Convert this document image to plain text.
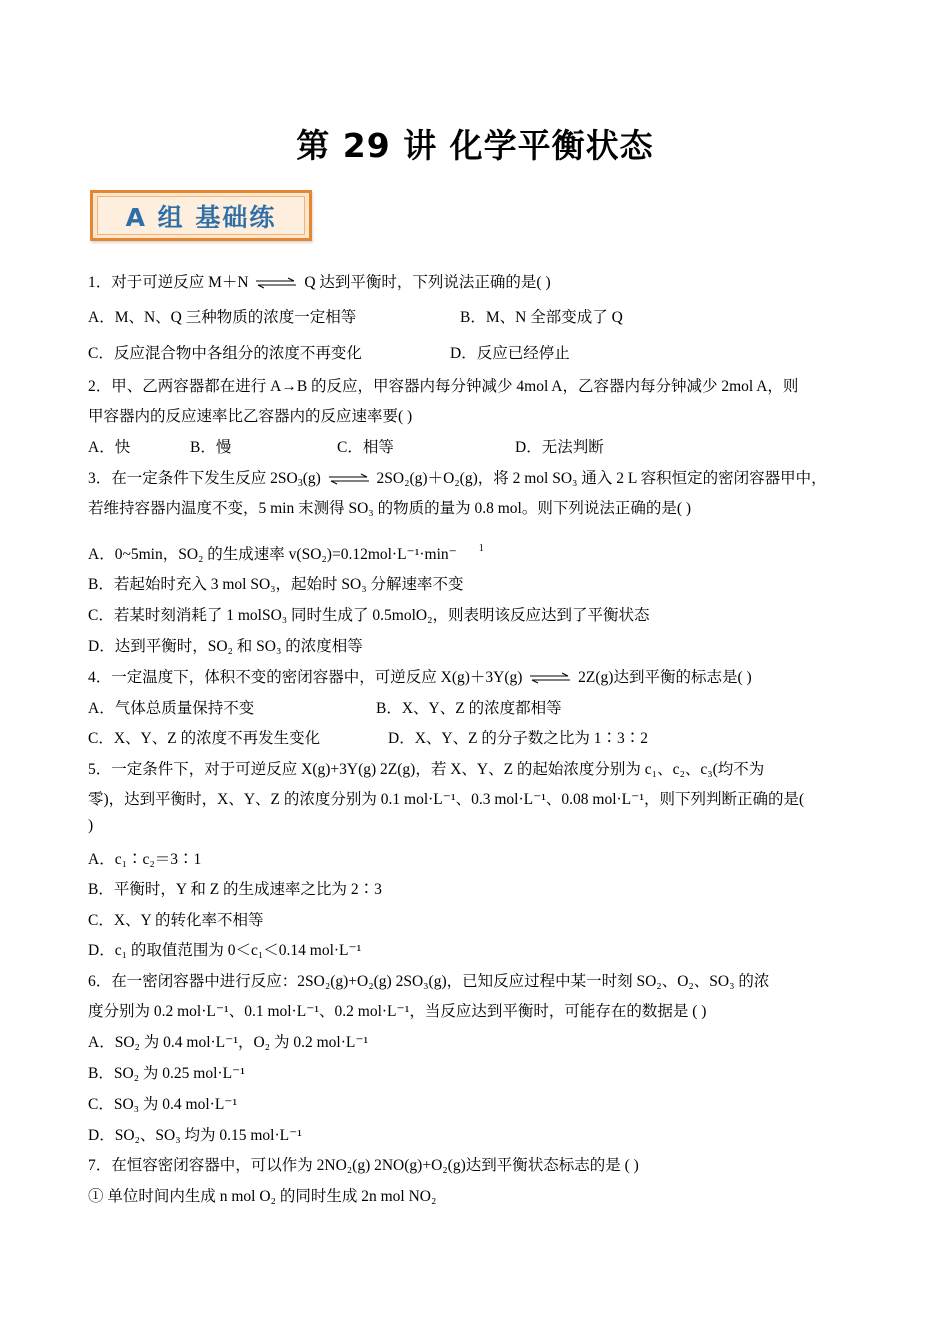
第 29 讲 化学平衡状态
A 组 基础练
1．对于可逆反应 M＋N ⇌ Q 达到平衡时，下列说法正确的是( )
A．M、N、Q 三种物质的浓度一定相等	B．M、N 全部变成了 Q
C．反应混合物中各组分的浓度不再变化	D．反应已经停止
2．甲、乙两容器都在进行 A→B 的反应，甲容器内每分钟减少 4mol A，乙容器内每分钟减少 2mol A，则
甲容器内的反应速率比乙容器内的反应速率要( )
A．快	B．慢	C．相等	D．无法判断
3．在一定条件下发生反应 $2SO_3(g)$ ⇌ 2SO₂(g)＋O₂(g)，将 2 mol SO₃ 通入 2 L 容积恒定的密闭容器甲中，
若维持容器内温度不变，5 min 末测得 SO₃ 的物质的量为 0.8 mol。则下列说法正确的是( )
A．0~5min，SO₂ 的生成速率 v(SO₂)=0.12mol·L⁻¹·min⁻ $^1$
B．若起始时充入 3 mol SO₃，起始时 SO₃ 分解速率不变
C．若某时刻消耗了 1 molSO₃ 同时生成了 0.5molO₂，则表明该反应达到了平衡状态
D．达到平衡时，SO₂ 和 SO₃ 的浓度相等
4．一定温度下，体积不变的密闭容器中，可逆反应 X(g)＋3Y(g) ⇌ 2Z(g)达到平衡的标志是( )
A．气体总质量保持不变	B．X、Y、Z 的浓度都相等
C．X、Y、Z 的浓度不再发生变化	D．X、Y、Z 的分子数之比为 1∶3∶2
5．一定条件下，对于可逆反应 X(g)+3Y(g) 2Z(g)，若 X、Y、Z 的起始浓度分别为 c₁、c₂、c₃(均不为
零)，达到平衡时，X、Y、Z 的浓度分别为 0.1 mol·L⁻¹、0.3 mol·L⁻¹、0.08 mol·L⁻¹，则下列判断正确的是(
)
A．c₁∶c₂＝3∶1
B．平衡时，Y 和 Z 的生成速率之比为 2∶3
C．X、Y 的转化率不相等
D．c₁ 的取值范围为 0＜c₁＜0.14 mol·L⁻¹
6．在一密闭容器中进行反应：2SO₂(g)+O₂(g) 2SO₃(g)，已知反应过程中某一时刻 SO₂、O₂、SO₃ 的浓
度分别为 0.2 mol·L⁻¹、0.1 mol·L⁻¹、0.2 mol·L⁻¹，当反应达到平衡时，可能存在的数据是 ( )
A．SO₂ 为 0.4 mol·L⁻¹，O₂ 为 0.2 mol·L⁻¹
B．SO₂ 为 0.25 mol·L⁻¹
C．SO₃ 为 0.4 mol·L⁻¹
D．SO₂、SO₃ 均为 0.15 mol·L⁻¹
7．在恒容密闭容器中，可以作为 2NO₂(g) 2NO(g)+O₂(g)达到平衡状态标志的是 ( )
① 单位时间内生成 n mol O₂ 的同时生成 2n mol NO₂
